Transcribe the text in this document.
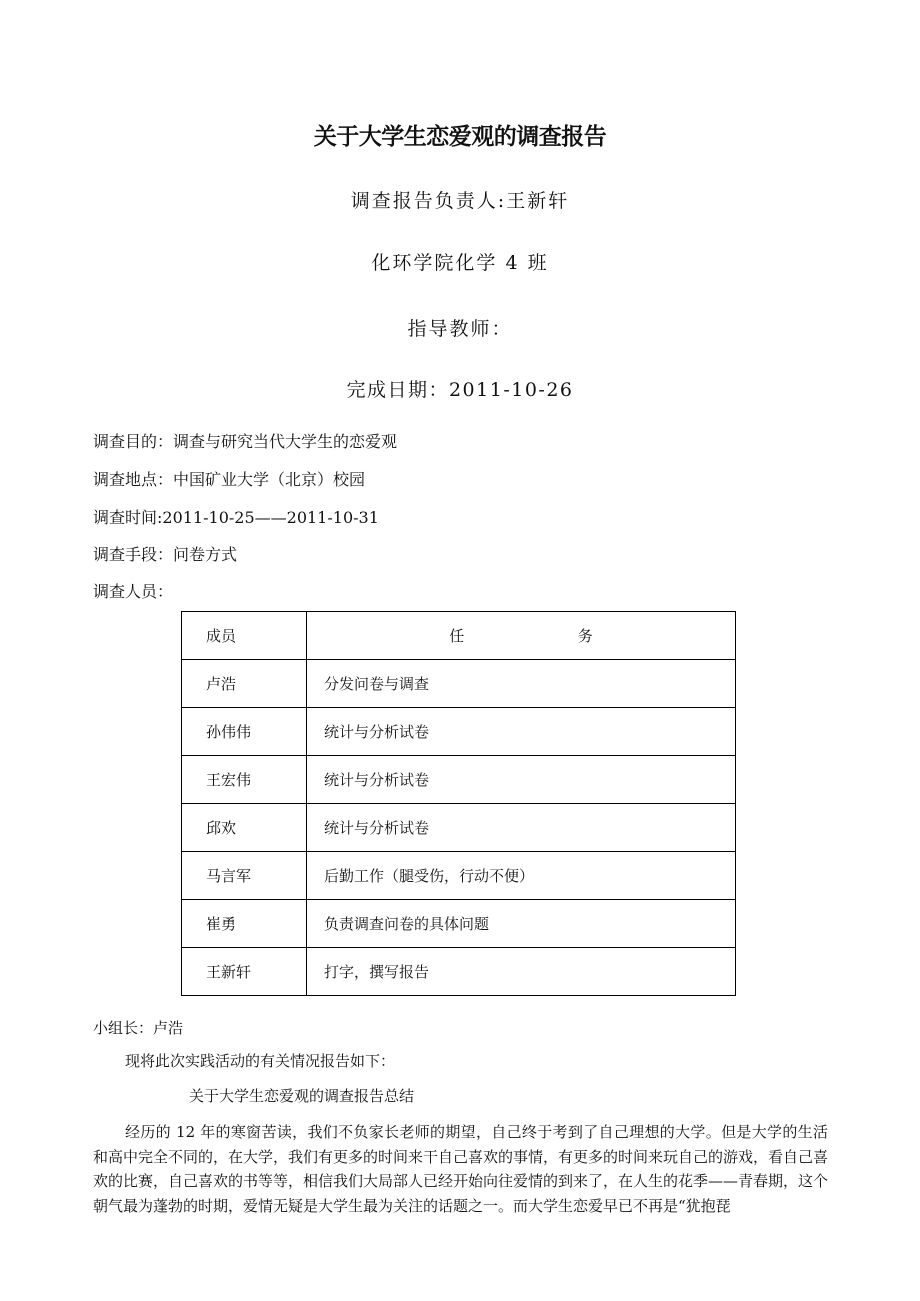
关于大学生恋爱观的调查报告
调查报告负责人:王新轩
化环学院化学 4 班
指导教师：
完成日期：2011-10-26
调查目的：调查与研究当代大学生的恋爱观
调查地点：中国矿业大学（北京）校园
调查时间:2011-10-25——2011-10-31
调查手段：问卷方式
调查人员：
成员	任 务
卢浩	分发问卷与调查
孙伟伟	统计与分析试卷
王宏伟	统计与分析试卷
邱欢	统计与分析试卷
马言军	后勤工作（腿受伤，行动不便）
崔勇	负责调查问卷的具体问题
王新轩	打字，撰写报告
小组长：卢浩
现将此次实践活动的有关情况报告如下：
关于大学生恋爱观的调查报告总结
经历的 12 年的寒窗苦读，我们不负家长老师的期望，自己终于考到了自己理想的大学。但是大学的生活和高中完全不同的，在大学，我们有更多的时间来干自己喜欢的事情，有更多的时间来玩自己的游戏，看自己喜欢的比赛，自己喜欢的书等等，相信我们大局部人已经开始向往爱情的到来了，在人生的花季——青春期，这个朝气最为蓬勃的时期，爱情无疑是大学生最为关注的话题之一。而大学生恋爱早已不再是“犹抱琵
